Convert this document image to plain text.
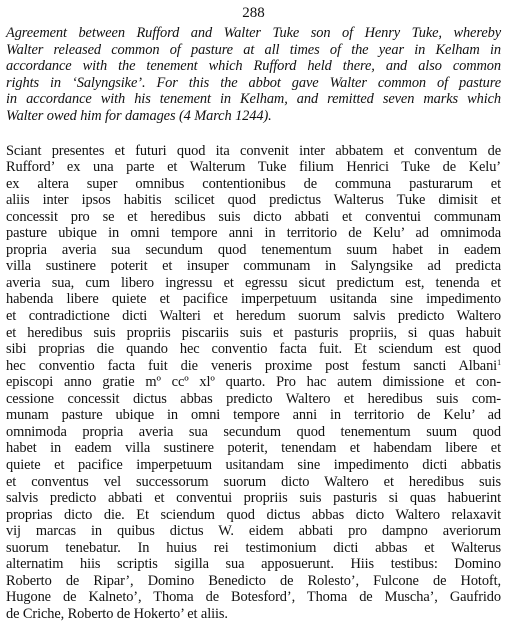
288
Agreement between Rufford and Walter Tuke son of Henry Tuke, whereby
Walter released common of pasture at all times of the year in Kelham in
accordance with the tenement which Rufford held there, and also common
rights in ‘Salyngsike’. For this the abbot gave Walter common of pasture
in accordance with his tenement in Kelham, and remitted seven marks which
Walter owed him for damages (4 March 1244).
Sciant presentes et futuri quod ita convenit inter abbatem et conventum de
Rufford’ ex una parte et Walterum Tuke filium Henrici Tuke de Kelu’
ex altera super omnibus contentionibus de communa pasturarum et
aliis inter ipsos habitis scilicet quod predictus Walterus Tuke dimisit et
concessit pro se et heredibus suis dicto abbati et conventui communam
pasture ubique in omni tempore anni in territorio de Kelu’ ad omnimoda
propria averia sua secundum quod tenementum suum habet in eadem
villa sustinere poterit et insuper communam in Salyngsike ad predicta
averia sua, cum libero ingressu et egressu sicut predictum est, tenenda et
habenda libere quiete et pacifice imperpetuum usitanda sine impedimento
et contradictione dicti Walteri et heredum suorum salvis predicto Waltero
et heredibus suis propriis piscariis suis et pasturis propriis, si quas habuit
sibi proprias die quando hec conventio facta fuit. Et sciendum est quod
hec conventio facta fuit die veneris proxime post festum sancti Albani$^1$
episcopi anno gratie mº ccº xlº quarto. Pro hac autem dimissione et con-
cessione concessit dictus abbas predicto Waltero et heredibus suis com-
munam pasture ubique in omni tempore anni in territorio de Kelu’ ad
omnimoda propria averia sua secundum quod tenementum suum quod
habet in eadem villa sustinere poterit, tenendam et habendam libere et
quiete et pacifice imperpetuum usitandam sine impedimento dicti abbatis
et conventus vel successorum suorum dicto Waltero et heredibus suis
salvis predicto abbati et conventui propriis suis pasturis si quas habuerint
proprias dicto die. Et sciendum quod dictus abbas dicto Waltero relaxavit
vij marcas in quibus dictus W. eidem abbati pro dampno averiorum
suorum tenebatur. In huius rei testimonium dicti abbas et Walterus
alternatim hiis scriptis sigilla sua apposuerunt. Hiis testibus: Domino
Roberto de Ripar’, Domino Benedicto de Rolesto’, Fulcone de Hotoft,
Hugone de Kalneto’, Thoma de Botesford’, Thoma de Muscha’, Gaufrido
de Criche, Roberto de Hokerto’ et aliis.
